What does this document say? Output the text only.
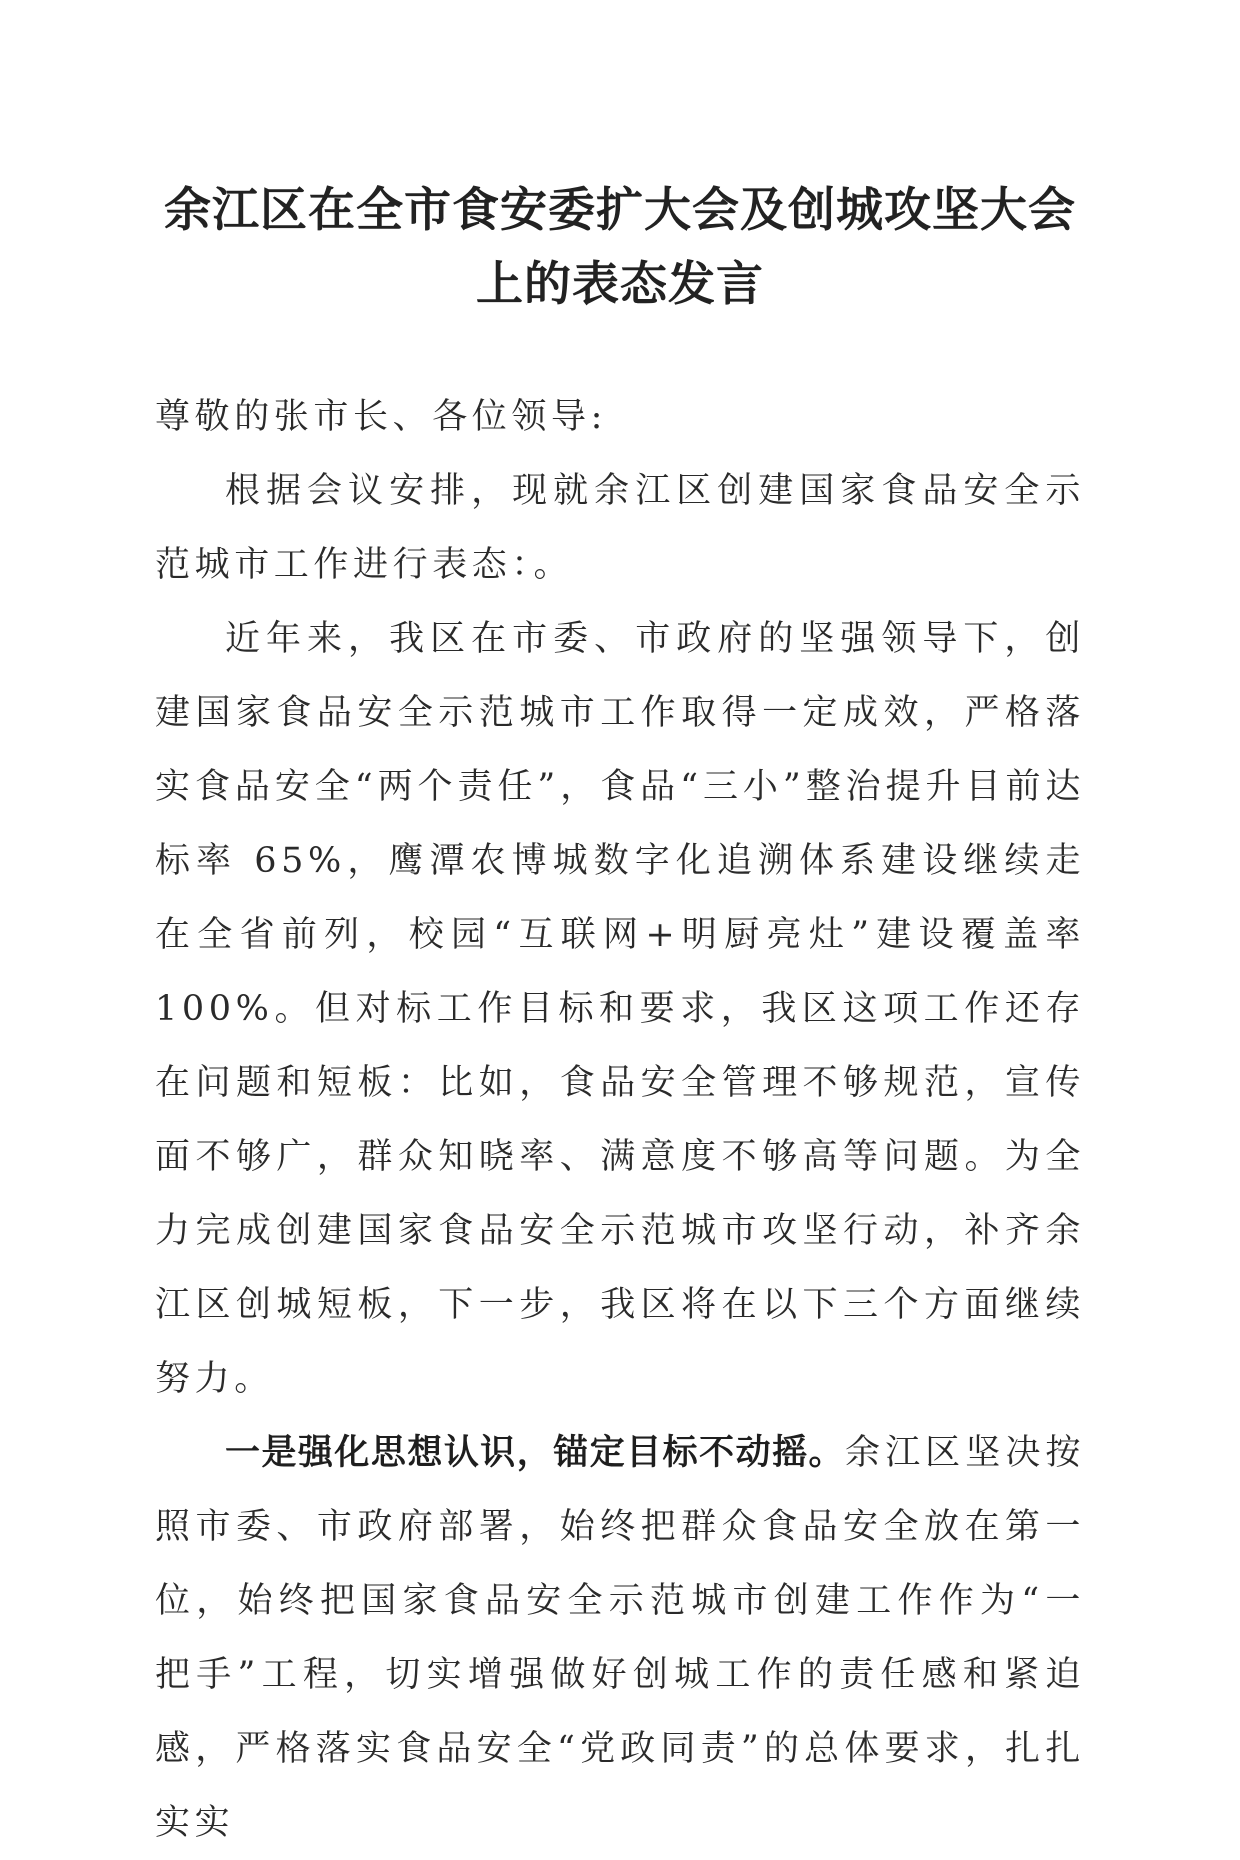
余江区在全市食安委扩大会及创城攻坚大会上的表态发言

尊敬的张市长、各位领导:

根据会议安排，现就余江区创建国家食品安全示范城市工作进行表态：。

近年来，我区在市委、市政府的坚强领导下，创建国家食品安全示范城市工作取得一定成效，严格落实食品安全“两个责任”，食品“三小”整治提升目前达标率 65%，鹰潭农博城数字化追溯体系建设继续走在全省前列，校园“互联网+明厨亮灶”建设覆盖率 100%。但对标工作目标和要求，我区这项工作还存在问题和短板：比如，食品安全管理不够规范，宣传面不够广，群众知晓率、满意度不够高等问题。为全力完成创建国家食品安全示范城市攻坚行动，补齐余江区创城短板，下一步，我区将在以下三个方面继续努力。

一是强化思想认识，锚定目标不动摇。余江区坚决按照市委、市政府部署，始终把群众食品安全放在第一位，始终把国家食品安全示范城市创建工作作为“一把手”工程，切实增强做好创城工作的责任感和紧迫感，严格落实食品安全“党政同责”的总体要求，扎扎实实
